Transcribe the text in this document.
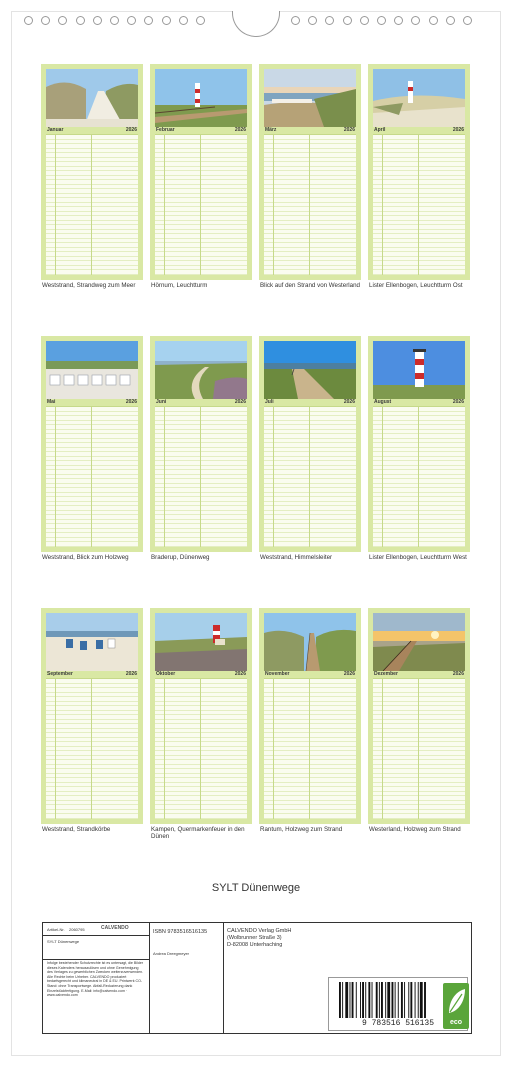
Januar	2026
Weststrand, Strandweg zum Meer
Februar	2026
Hörnum, Leuchtturm
März	2026
Blick auf den Strand von Westerland
April	2026
Lister Ellenbogen, Leuchtturm Ost
Mai	2026
Weststrand, Blick zum Holzweg
Juni	2026
Braderup, Dünenweg
Juli	2026
Weststrand, Himmelsleiter
August	2026
Lister Ellenbogen, Leuchtturm West
September	2026
Weststrand, Strandkörbe
Oktober	2026
Kampen, Quermarkenfeuer in den Dünen
November	2026
Rantum, Holzweg zum Strand
Dezember	2026
Westerland, Holzweg zum Strand
SYLT Dünenwege
Artikel-Nr. 2060795	CALVENDO
SYLT Dünenwege
Infolge bestehender Schutzrechte ist es untersagt, die Bilder dieses Kalenders herauszulösen und ohne Genehmigung des Verlages zu gewerblichen Zwecken weiterzuverwenden. Alle Rechte beim Urheber. CALVENDO produziert bedarfsgerecht und klimaneutral in DE & EU. Printwerk CO-Stand: ohne Transportwege. Abfall-Reduzierung dank Einzelstückfertigung. E-Mail: info@calvendo.com · www.calvendo.com
ISBN 9783516516135
Andrea Dreegmeyer
CALVENDO Verlag GmbH
(Wolbrunner Straße 3)
D-82008 Unterhaching
9 783516 516135	eco
